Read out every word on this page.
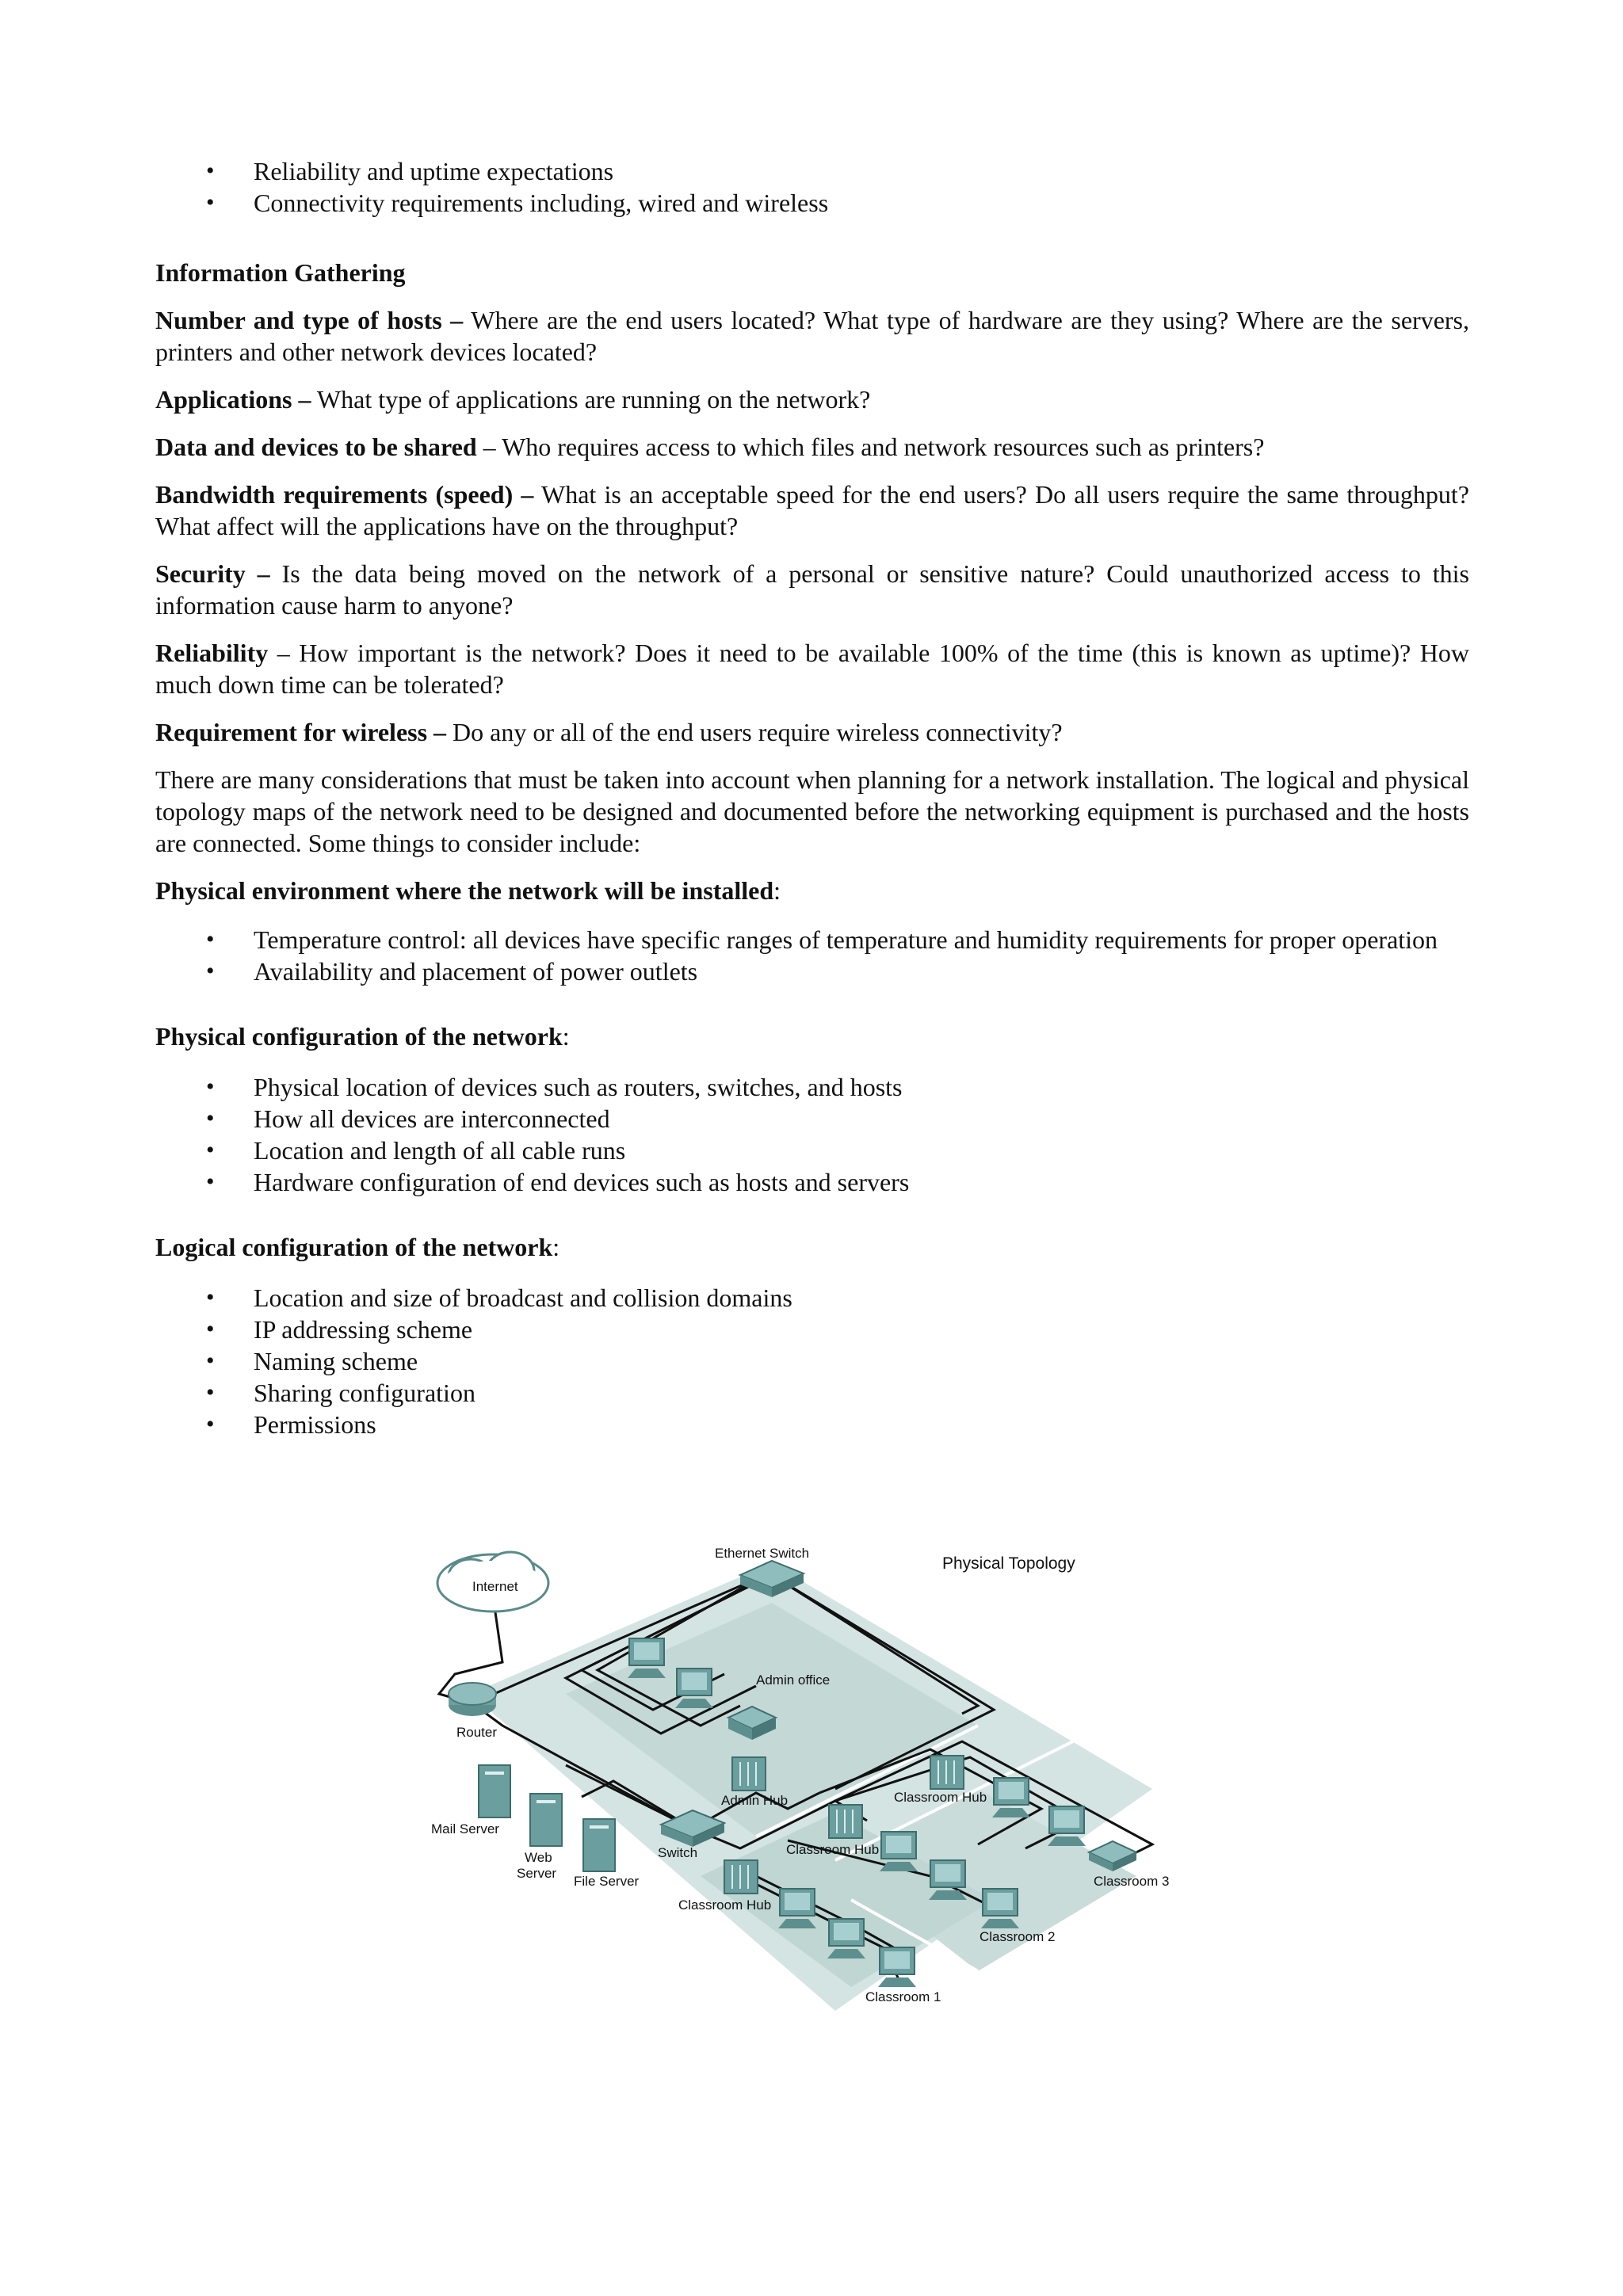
• Reliability and uptime expectations
• Connectivity requirements including, wired and wireless

Information Gathering

Number and type of hosts – Where are the end users located? What type of hardware are they using? Where are the servers, printers and other network devices located?

Applications – What type of applications are running on the network?

Data and devices to be shared – Who requires access to which files and network resources such as printers?

Bandwidth requirements (speed) – What is an acceptable speed for the end users? Do all users require the same throughput? What affect will the applications have on the throughput?

Security – Is the data being moved on the network of a personal or sensitive nature? Could unauthorized access to this information cause harm to anyone?

Reliability – How important is the network? Does it need to be available 100% of the time (this is known as uptime)? How much down time can be tolerated?

Requirement for wireless – Do any or all of the end users require wireless connectivity?

There are many considerations that must be taken into account when planning for a network installation. The logical and physical topology maps of the network need to be designed and documented before the networking equipment is purchased and the hosts are connected. Some things to consider include:

Physical environment where the network will be installed:

• Temperature control: all devices have specific ranges of temperature and humidity requirements for proper operation
• Availability and placement of power outlets

Physical configuration of the network:

• Physical location of devices such as routers, switches, and hosts
• How all devices are interconnected
• Location and length of all cable runs
• Hardware configuration of end devices such as hosts and servers

Logical configuration of the network:

• Location and size of broadcast and collision domains
• IP addressing scheme
• Naming scheme
• Sharing configuration
• Permissions
Internet
Ethernet Switch
Physical Topology
Admin office
Router
Mail Server
Web
Server
File Server
Switch
Admin Hub	Classroom Hub
Classroom Hub
Classroom Hub
Classroom 1
Classroom 2
Classroom 3
